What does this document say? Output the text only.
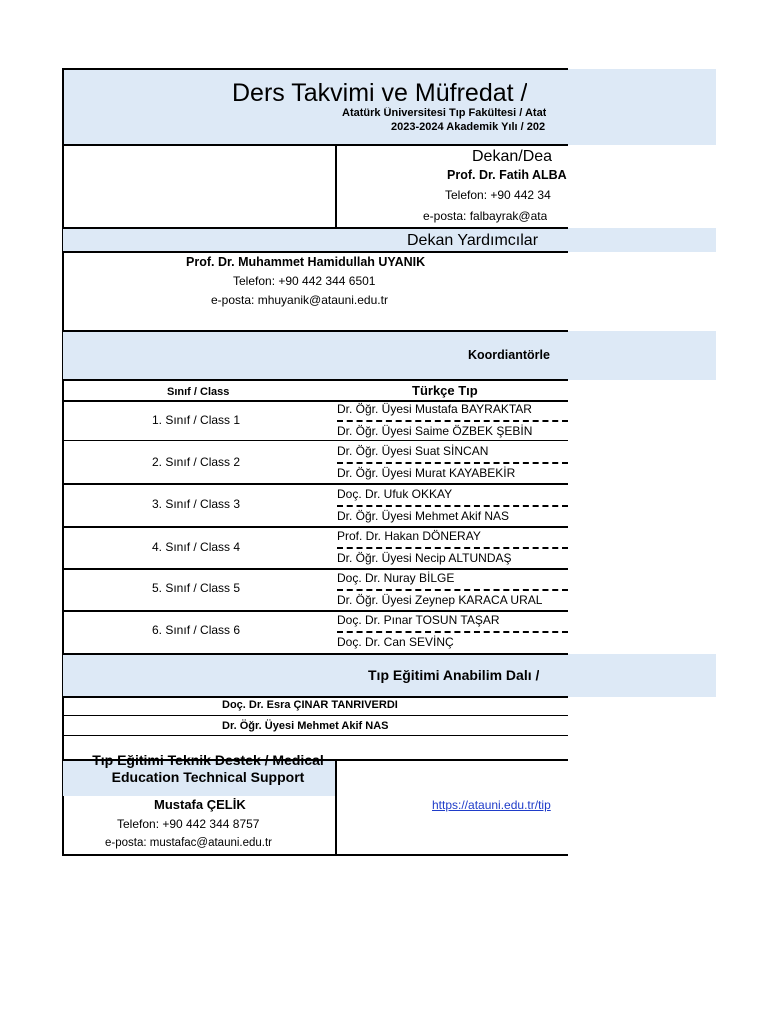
Ders Takvimi ve Müfredat /
Atatürk Üniversitesi Tıp Fakültesi / Atat
2023-2024 Akademik Yılı / 202
Dekan/Dea
Prof. Dr. Fatih ALBA
Telefon: +90 442 34
e-posta: falbayrak@ata
Dekan Yardımcılar
Prof. Dr. Muhammet Hamidullah UYANIK
Telefon: +90 442 344 6501
e-posta: mhuyanik@atauni.edu.tr
Koordiantörle
Sınıf / Class	Türkçe Tıp
1. Sınıf / Class 1
Dr. Öğr. Üyesi Mustafa BAYRAKTAR
Dr. Öğr. Üyesi Saime ÖZBEK ŞEBİN
2. Sınıf / Class 2
Dr. Öğr. Üyesi Suat SİNCAN
Dr. Öğr. Üyesi Murat KAYABEKİR
3. Sınıf / Class 3
Doç. Dr. Ufuk OKKAY
Dr. Öğr. Üyesi Mehmet Akif NAS
4. Sınıf / Class 4
Prof. Dr. Hakan DÖNERAY
Dr. Öğr. Üyesi Necip ALTUNDAŞ
5. Sınıf / Class 5
Doç. Dr. Nuray BİLGE
Dr. Öğr. Üyesi Zeynep KARACA URAL
6. Sınıf / Class 6
Doç. Dr. Pınar TOSUN TAŞAR
Doç. Dr. Can SEVİNÇ
Tıp Eğitimi Anabilim Dalı /
Doç. Dr. Esra ÇINAR TANRIVERDI
Dr. Öğr. Üyesi Mehmet Akif NAS
Tıp Eğitimi Teknik Destek / Medical Education Technical Support
Mustafa ÇELİK
Telefon: +90 442 344 8757
e-posta: mustafac@atauni.edu.tr
https://atauni.edu.tr/tip
